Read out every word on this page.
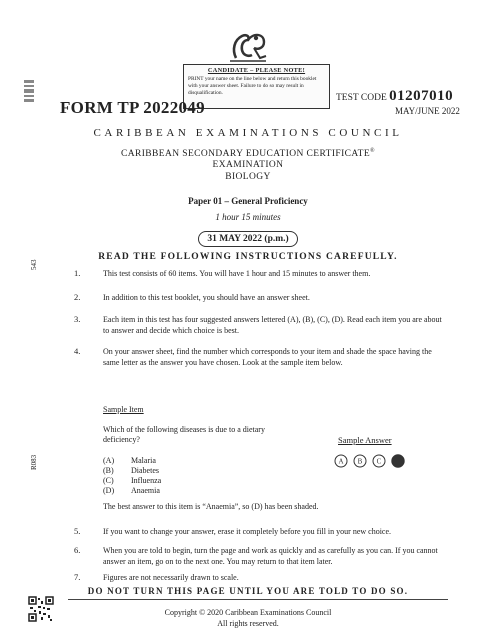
CANDIDATE – PLEASE NOTE!
PRINT your name on the line below and return this booklet with your answer sheet. Failure to do so may result in disqualification.
FORM TP 2022049	TEST CODE 01207010
MAY/JUNE 2022
CARIBBEAN EXAMINATIONS COUNCIL
CARIBBEAN SECONDARY EDUCATION CERTIFICATE®
EXAMINATION
BIOLOGY
Paper 01 – General Proficiency
1 hour 15 minutes
31 MAY 2022 (p.m.)
READ THE FOLLOWING INSTRUCTIONS CAREFULLY.
1.	This test consists of 60 items. You will have 1 hour and 15 minutes to answer them.
2.	In addition to this test booklet, you should have an answer sheet.
3.	Each item in this test has four suggested answers lettered (A), (B), (C), (D). Read each item you are about to answer and decide which choice is best.
4.	On your answer sheet, find the number which corresponds to your item and shade the space having the same letter as the answer you have chosen. Look at the sample item below.
Sample Item
Which of the following diseases is due to a dietary deficiency?	Sample Answer
A B C
(A) Malaria
(B) Diabetes
(C) Influenza
(D) Anaemia
The best answer to this item is “Anaemia”, so (D) has been shaded.
5.	If you want to change your answer, erase it completely before you fill in your new choice.
6.	When you are told to begin, turn the page and work as quickly and as carefully as you can. If you cannot answer an item, go on to the next one. You may return to that item later.
7.	Figures are not necessarily drawn to scale.
DO NOT TURN THIS PAGE UNTIL YOU ARE TOLD TO DO SO.
Copyright © 2020 Caribbean Examinations Council
All rights reserved.
543
R083
